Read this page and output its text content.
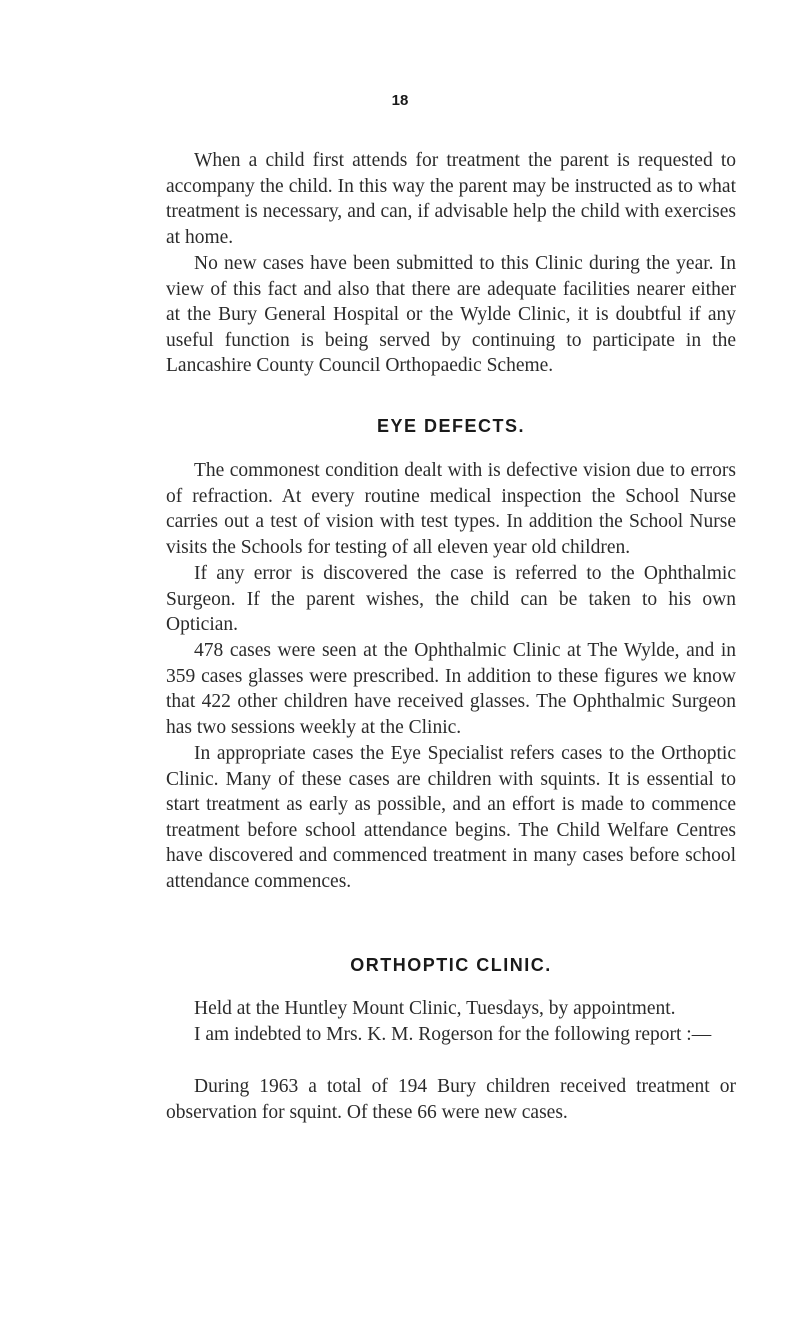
18

When a child first attends for treatment the parent is requested to accompany the child. In this way the parent may be instructed as to what treatment is necessary, and can, if advisable help the child with exercises at home.

No new cases have been submitted to this Clinic during the year. In view of this fact and also that there are adequate facilities nearer either at the Bury General Hospital or the Wylde Clinic, it is doubtful if any useful function is being served by continuing to participate in the Lancashire County Council Orthopaedic Scheme.

EYE DEFECTS.

The commonest condition dealt with is defective vision due to errors of refraction. At every routine medical inspection the School Nurse carries out a test of vision with test types. In addition the School Nurse visits the Schools for testing of all eleven year old children.

If any error is discovered the case is referred to the Ophthalmic Surgeon. If the parent wishes, the child can be taken to his own Optician.

478 cases were seen at the Ophthalmic Clinic at The Wylde, and in 359 cases glasses were prescribed. In addition to these figures we know that 422 other children have received glasses. The Ophthalmic Surgeon has two sessions weekly at the Clinic.

In appropriate cases the Eye Specialist refers cases to the Orthoptic Clinic. Many of these cases are children with squints. It is essential to start treatment as early as possible, and an effort is made to commence treatment before school attendance begins. The Child Welfare Centres have discovered and commenced treatment in many cases before school attendance commences.

ORTHOPTIC CLINIC.

Held at the Huntley Mount Clinic, Tuesdays, by appointment.

I am indebted to Mrs. K. M. Rogerson for the following report :—

During 1963 a total of 194 Bury children received treatment or observation for squint. Of these 66 were new cases.
